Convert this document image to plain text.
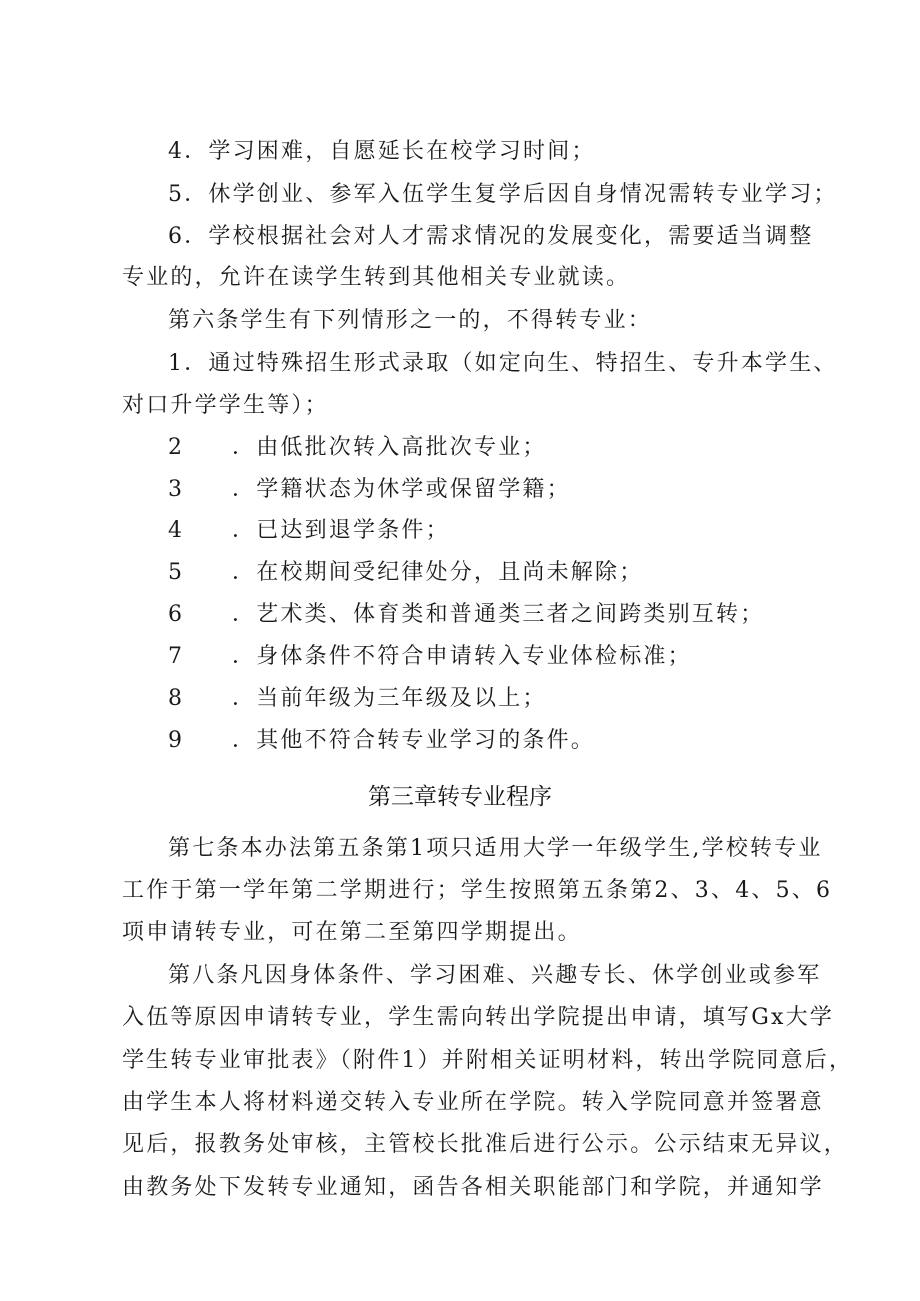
4．学习困难，自愿延长在校学习时间；
5．休学创业、参军入伍学生复学后因自身情况需转专业学习；
6．学校根据社会对人才需求情况的发展变化，需要适当调整
专业的，允许在读学生转到其他相关专业就读。
第六条学生有下列情形之一的，不得转专业：
1．通过特殊招生形式录取（如定向生、特招生、专升本学生、
对口升学学生等）；
2 ．由低批次转入高批次专业；
3 ．学籍状态为休学或保留学籍；
4 ．已达到退学条件；
5 ．在校期间受纪律处分，且尚未解除；
6 ．艺术类、体育类和普通类三者之间跨类别互转；
7 ．身体条件不符合申请转入专业体检标准；
8 ．当前年级为三年级及以上；
9 ．其他不符合转专业学习的条件。
第三章转专业程序
第七条本办法第五条第1项只适用大学一年级学生,学校转专业
工作于第一学年第二学期进行；学生按照第五条第2、3、4、5、6
项申请转专业，可在第二至第四学期提出。
第八条凡因身体条件、学习困难、兴趣专长、休学创业或参军
入伍等原因申请转专业，学生需向转出学院提出申请，填写Gx大学
学生转专业审批表》（附件1）并附相关证明材料，转出学院同意后，
由学生本人将材料递交转入专业所在学院。转入学院同意并签署意
见后，报教务处审核，主管校长批准后进行公示。公示结束无异议，
由教务处下发转专业通知，函告各相关职能部门和学院，并通知学
